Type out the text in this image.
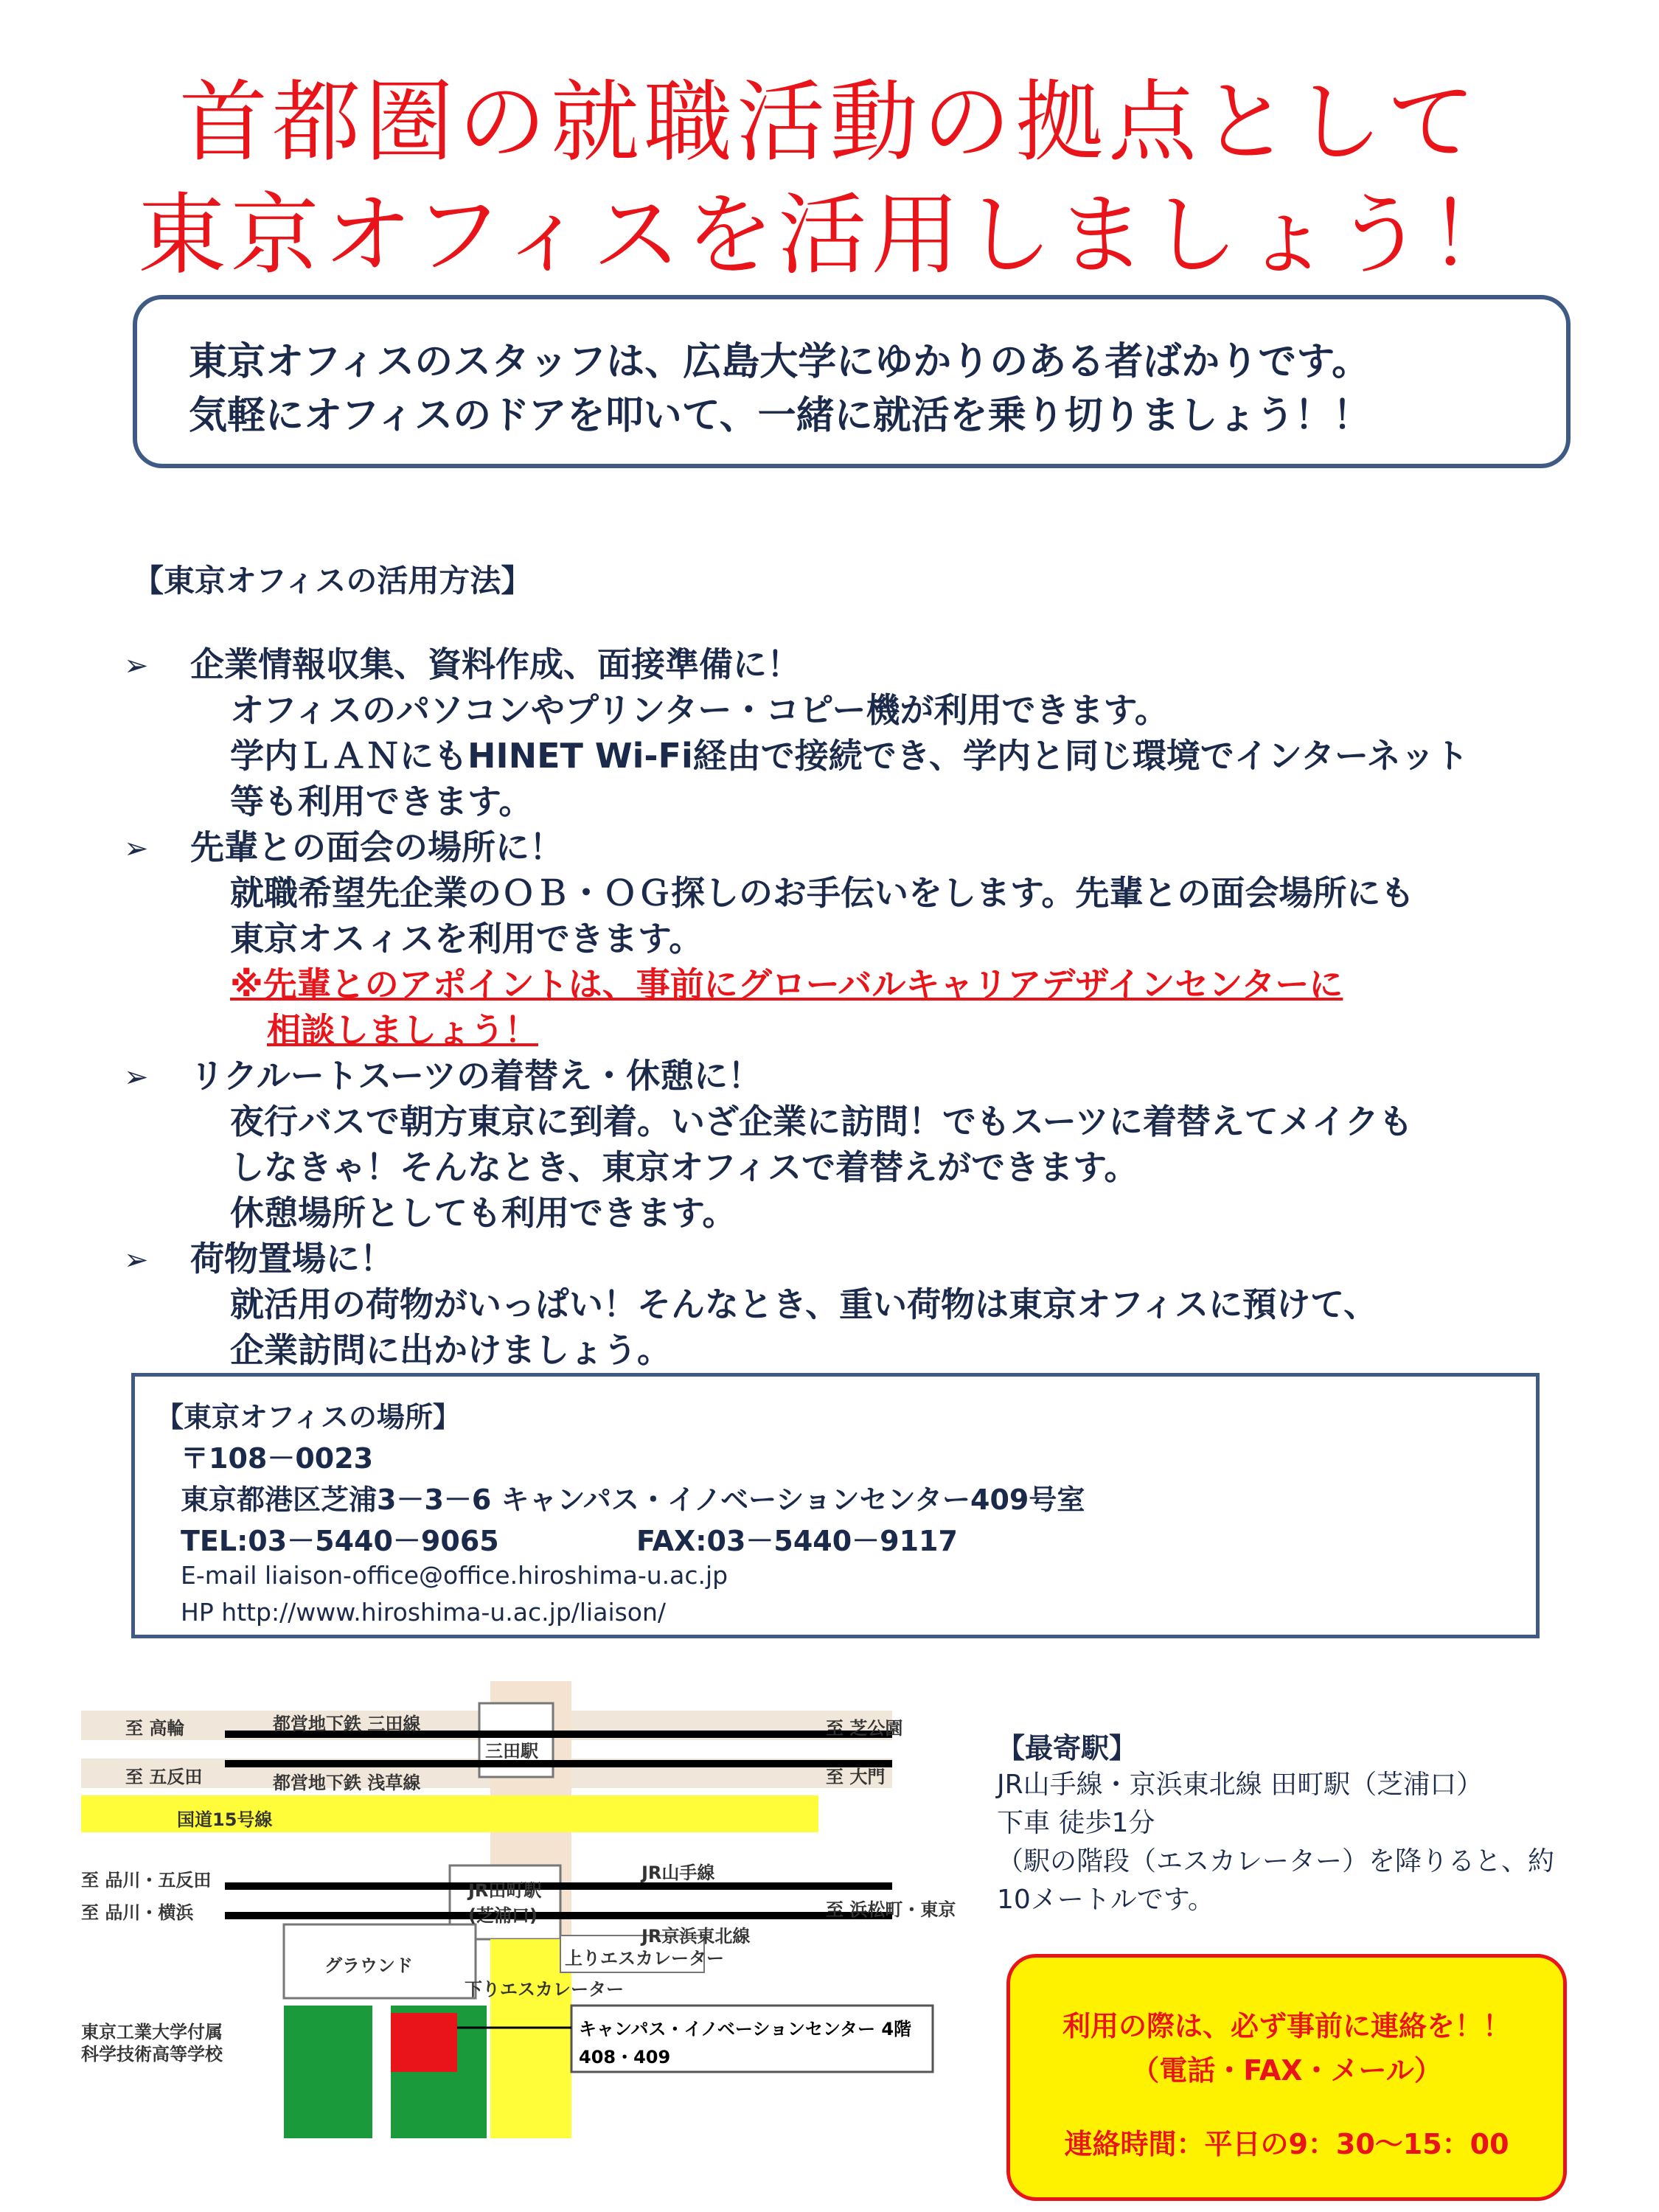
首都圏の就職活動の拠点として
東京オフィスを活用しましょう！
東京オフィスのスタッフは、広島大学にゆかりのある者ばかりです。
気軽にオフィスのドアを叩いて、一緒に就活を乗り切りましょう！！
【東京オフィスの活用方法】
➢ 企業情報収集、資料作成、面接準備に！
オフィスのパソコンやプリンター・コピー機が利用できます。
学内ＬＡＮにもHINET Wi-Fi経由で接続でき、学内と同じ環境でインターネット
等も利用できます。
➢ 先輩との面会の場所に！
就職希望先企業のＯＢ・ＯＧ探しのお手伝いをします。先輩との面会場所にも
東京オスィスを利用できます。
※先輩とのアポイントは、事前にグローバルキャリアデザインセンターに
相談しましょう！
➢ リクルートスーツの着替え・休憩に！
夜行バスで朝方東京に到着。いざ企業に訪問！でもスーツに着替えてメイクも
しなきゃ！そんなとき、東京オフィスで着替えができます。
休憩場所としても利用できます。
➢ 荷物置場に！
就活用の荷物がいっぱい！そんなとき、重い荷物は東京オフィスに預けて、
企業訪問に出かけましょう。
【東京オフィスの場所】
〒108－0023
東京都港区芝浦3－3－6 キャンパス・イノベーションセンター409号室
TEL:03－5440－9065	FAX:03－5440－9117
E-mail liaison-office@office.hiroshima-u.ac.jp
HP http://www.hiroshima-u.ac.jp/liaison/
至 高輪
至 五反田
都営地下鉄 三田線
都営地下鉄 浅草線
三田駅
至 芝公園
至 大門
国道15号線
至 品川・五反田
至 品川・横浜
JR田町駅
(芝浦口)
JR山手線
JR京浜東北線
至 浜松町・東京
グラウンド	上りエスカレーター
下りエスカレーター
東京工業大学付属
科学技術高等学校
キャンパス・イノベーションセンター 4階
408・409
【最寄駅】
JR山手線・京浜東北線 田町駅（芝浦口）
下車 徒歩1分
（駅の階段（エスカレーター）を降りると、約
10メートルです。
利用の際は、必ず事前に連絡を！！
（電話・FAX・メール）
連絡時間：平日の9：30〜15：00
